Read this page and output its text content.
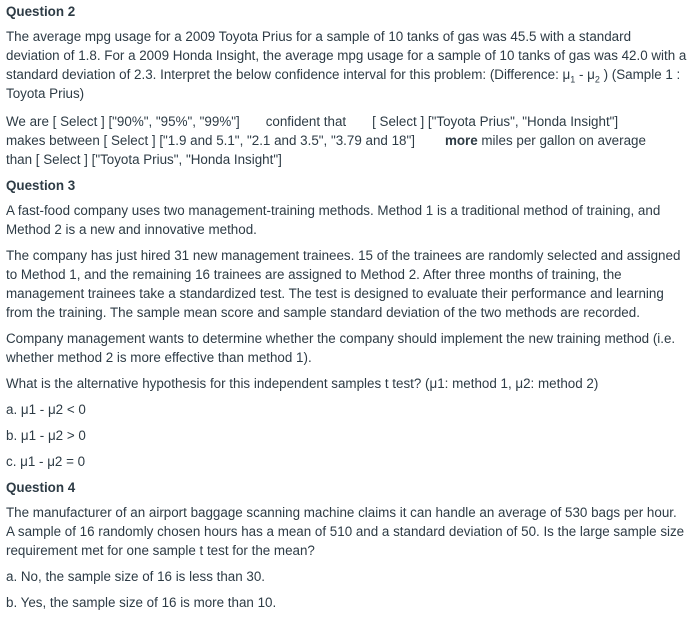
Question 2

The average mpg usage for a 2009 Toyota Prius for a sample of 10 tanks of gas was 45.5 with a standard deviation of 1.8. For a 2009 Honda Insight, the average mpg usage for a sample of 10 tanks of gas was 42.0 with a standard deviation of 2.3. Interpret the below confidence interval for this problem: (Difference: $\mu_1 - \mu_2$ ) (Sample 1 : Toyota Prius)

We are [ Select ] ["90%", "95%", "99%"] confident that [ Select ] ["Toyota Prius", "Honda Insight"]
makes between [ Select ] ["1.9 and 5.1", "2.1 and 3.5", "3.79 and 18"] more miles per gallon on average
than [ Select ] ["Toyota Prius", "Honda Insight"]

Question 3

A fast-food company uses two management-training methods. Method 1 is a traditional method of training, and Method 2 is a new and innovative method.

The company has just hired 31 new management trainees. 15 of the trainees are randomly selected and assigned to Method 1, and the remaining 16 trainees are assigned to Method 2. After three months of training, the management trainees take a standardized test. The test is designed to evaluate their performance and learning from the training. The sample mean score and sample standard deviation of the two methods are recorded.

Company management wants to determine whether the company should implement the new training method (i.e. whether method 2 is more effective than method 1).

What is the alternative hypothesis for this independent samples t test? (μ1: method 1, μ2: method 2)

a. μ1 - μ2 < 0

b. μ1 - μ2 > 0

c. μ1 - μ2 = 0

Question 4

The manufacturer of an airport baggage scanning machine claims it can handle an average of 530 bags per hour. A sample of 16 randomly chosen hours has a mean of 510 and a standard deviation of 50. Is the large sample size requirement met for one sample t test for the mean?

a. No, the sample size of 16 is less than 30.

b. Yes, the sample size of 16 is more than 10.
